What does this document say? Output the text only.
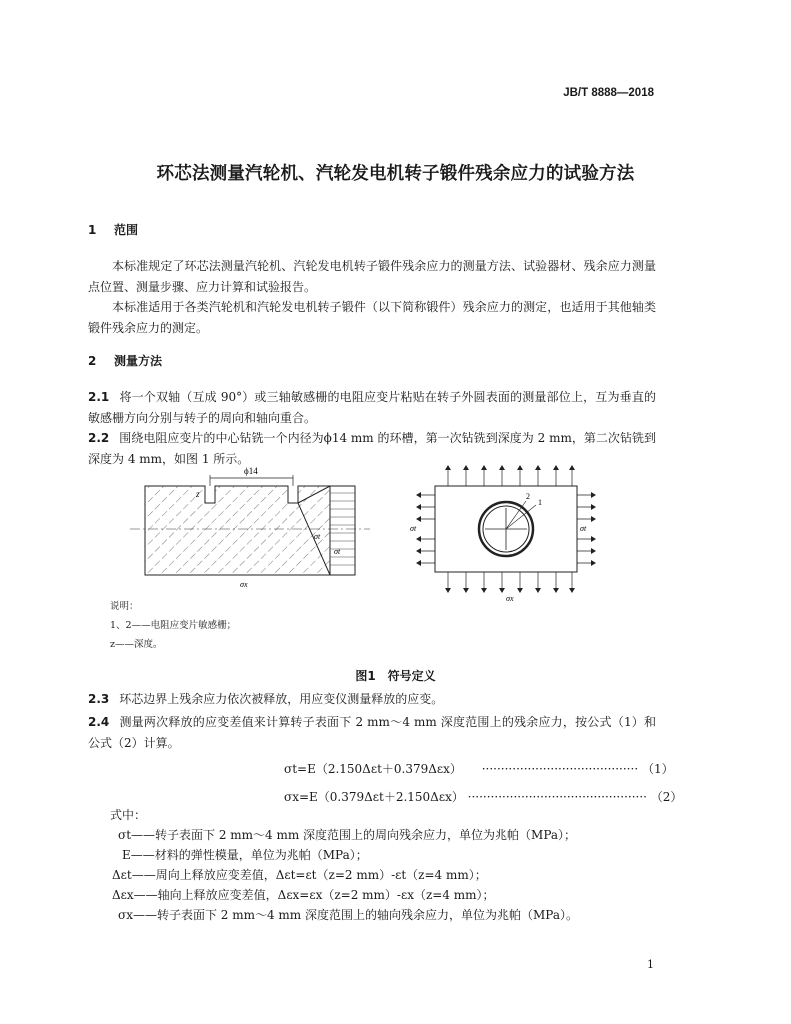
JB/T 8888—2018
环芯法测量汽轮机、汽轮发电机转子锻件残余应力的试验方法
1 范围
本标准规定了环芯法测量汽轮机、汽轮发电机转子锻件残余应力的测量方法、试验器材、残余应力测量点位置、测量步骤、应力计算和试验报告。
本标准适用于各类汽轮机和汽轮发电机转子锻件（以下简称锻件）残余应力的测定，也适用于其他轴类锻件残余应力的测定。
2 测量方法
2.1 将一个双轴（互成 90°）或三轴敏感栅的电阻应变片粘贴在转子外圆表面的测量部位上，互为垂直的敏感栅方向分别与转子的周向和轴向重合。
2.2 围绕电阻应变片的中心钻铣一个内径为ϕ14 mm 的环槽，第一次钻铣到深度为 2 mm，第二次钻铣到深度为 4 mm，如图 1 所示。
ϕ14
z
σt
σt
σx
2
1
σt	σt
σx
说明：
1、2——电阻应变片敏感栅；
z——深度。
图1　符号定义
2.3 环芯边界上残余应力依次被释放，用应变仪测量释放的应变。
2.4 测量两次释放的应变差值来计算转子表面下 2 mm～4 mm 深度范围上的残余应力，按公式（1）和公式（2）计算。
σt=E（2.150Δεt＋0.379Δεx） ········································· （1）
σx=E（0.379Δεt＋2.150Δεx） ··············································· （2）
式中：
σt——转子表面下 2 mm～4 mm 深度范围上的周向残余应力，单位为兆帕（MPa）；
E——材料的弹性模量，单位为兆帕（MPa）；
Δεt——周向上释放应变差值，Δεt=εt（z=2 mm）-εt（z=4 mm）；
Δεx——轴向上释放应变差值，Δεx=εx（z=2 mm）-εx（z=4 mm）；
σx——转子表面下 2 mm～4 mm 深度范围上的轴向残余应力，单位为兆帕（MPa）。
1
